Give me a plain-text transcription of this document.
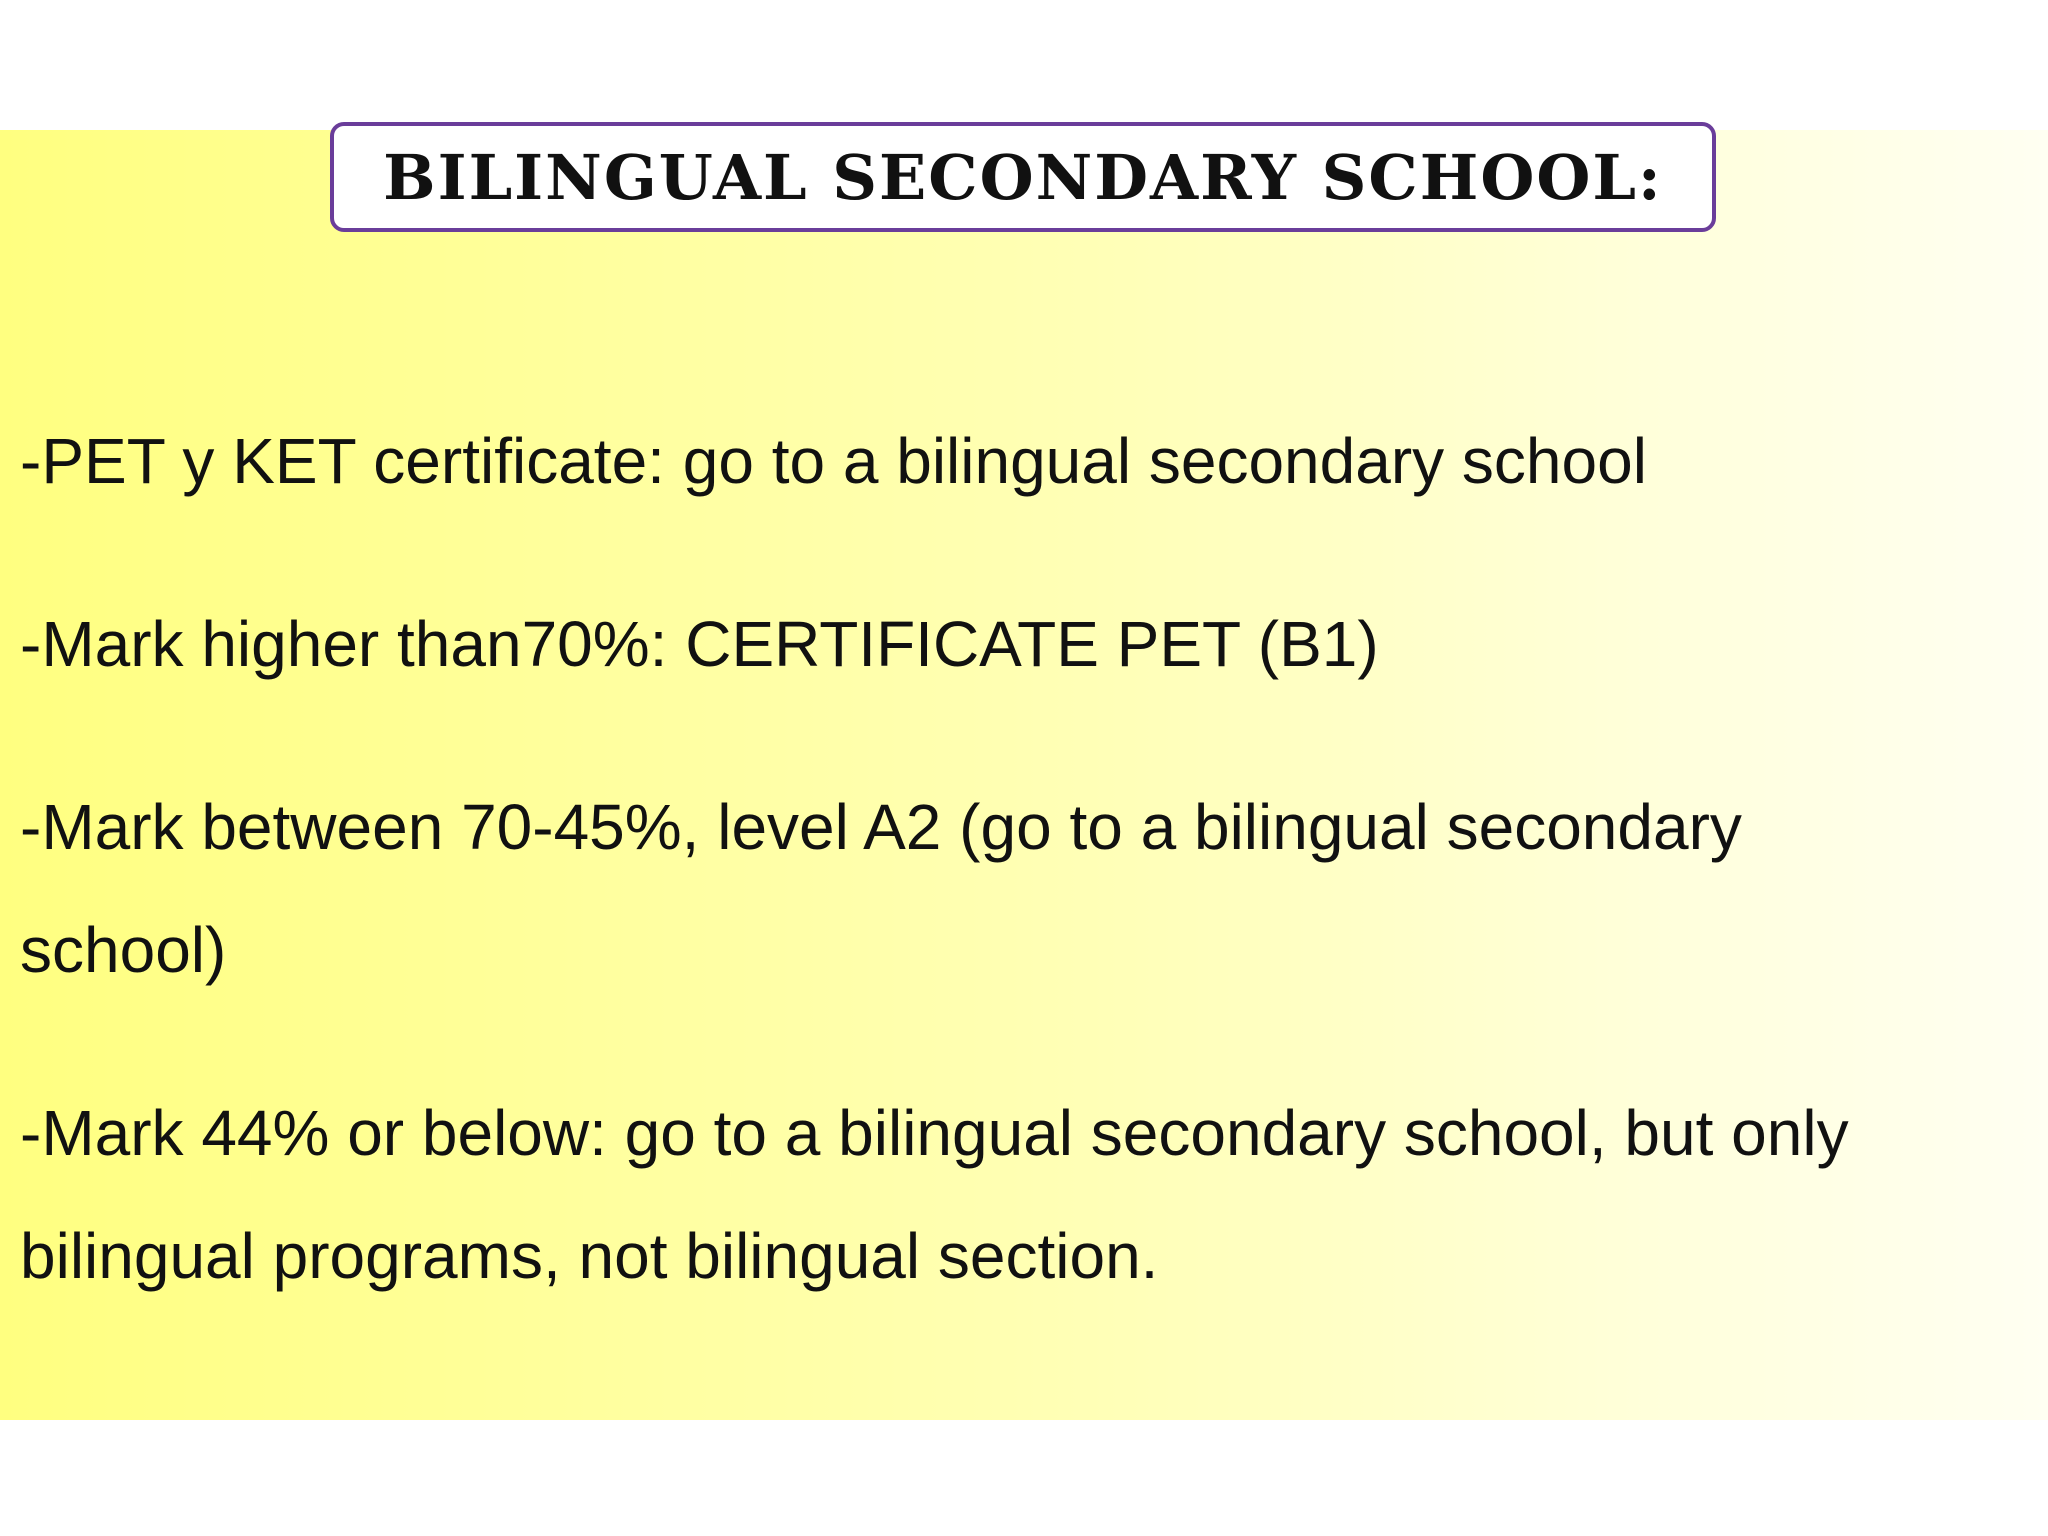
BILINGUAL SECONDARY SCHOOL:

-PET y KET certificate: go to a bilingual secondary school

-Mark higher than70%: CERTIFICATE PET (B1)

-Mark between 70-45%, level A2 (go to a bilingual secondary school)

-Mark 44% or below: go to a bilingual secondary school, but only bilingual programs, not bilingual section.
